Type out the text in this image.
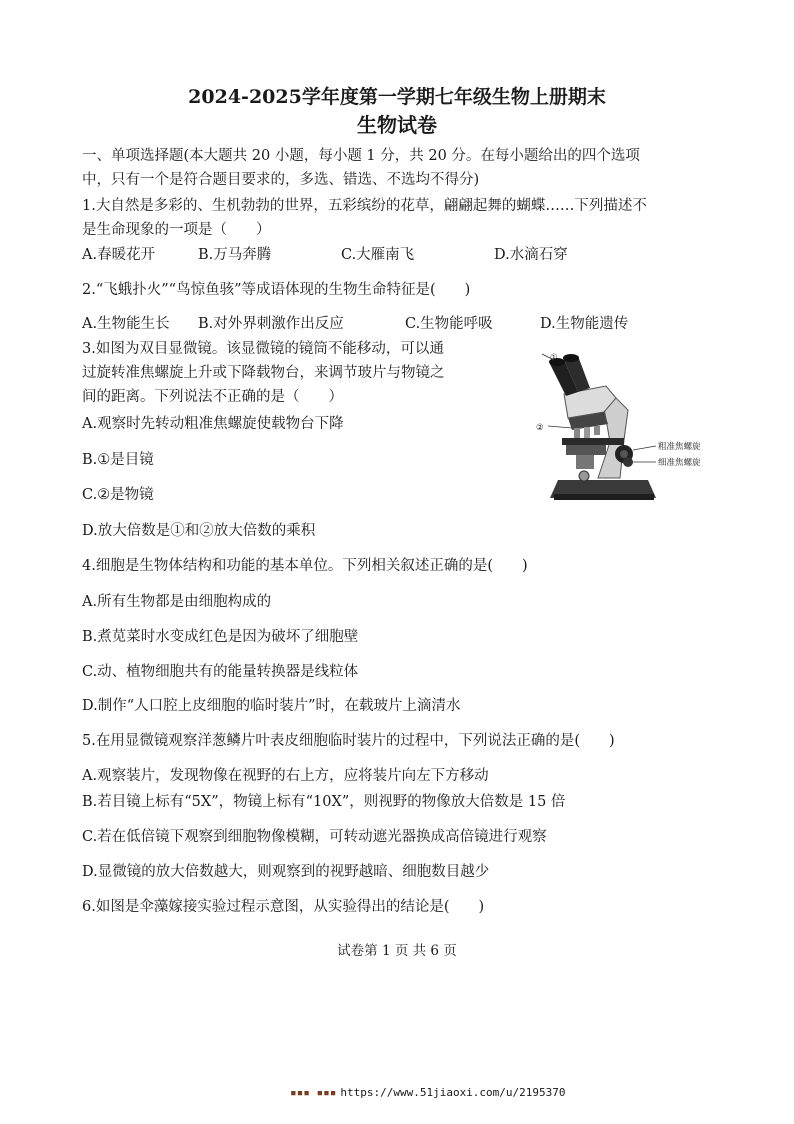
2024-2025学年度第一学期七年级生物上册期末
生物试卷
一、单项选择题(本大题共 20 小题，每小题 1 分，共 20 分。在每小题给出的四个选项
中，只有一个是符合题目要求的，多选、错选、不选均不得分)
1.大自然是多彩的、生机勃勃的世界，五彩缤纷的花草，翩翩起舞的蝴蝶……下列描述不
是生命现象的一项是（　　）
A.春暖花开	B.万马奔腾	C.大雁南飞	D.水滴石穿
2.“飞蛾扑火”“鸟惊鱼骇”等成语体现的生物生命特征是(　　)
A.生物能生长 B.对外界刺激作出反应	C.生物能呼吸	D.生物能遗传
3.如图为双目显微镜。该显微镜的镜筒不能移动，可以通
过旋转准焦螺旋上升或下降载物台，来调节玻片与物镜之
间的距离。下列说法不正确的是（　　）
A.观察时先转动粗准焦螺旋使载物台下降
B.①是目镜
C.②是物镜
D.放大倍数是①和②放大倍数的乘积
①
②
粗准焦螺旋
细准焦螺旋
4.细胞是生物体结构和功能的基本单位。下列相关叙述正确的是(　　)
A.所有生物都是由细胞构成的
B.煮苋菜时水变成红色是因为破坏了细胞壁
C.动、植物细胞共有的能量转换器是线粒体
D.制作“人口腔上皮细胞的临时装片”时，在载玻片上滴清水
5.在用显微镜观察洋葱鳞片叶表皮细胞临时装片的过程中，下列说法正确的是(　　)
A.观察装片，发现物像在视野的右上方，应将装片向左下方移动
B.若目镜上标有“5X”，物镜上标有“10X”，则视野的物像放大倍数是 15 倍
C.若在低倍镜下观察到细胞物像模糊，可转动遮光器换成高倍镜进行观察
D.显微镜的放大倍数越大，则观察到的视野越暗、细胞数目越少
6.如图是伞藻嫁接实验过程示意图，从实验得出的结论是(　　)
试卷第 1 页 共 6 页
▪▪▪ ▪▪▪ https://www.51jiaoxi.com/u/2195370
